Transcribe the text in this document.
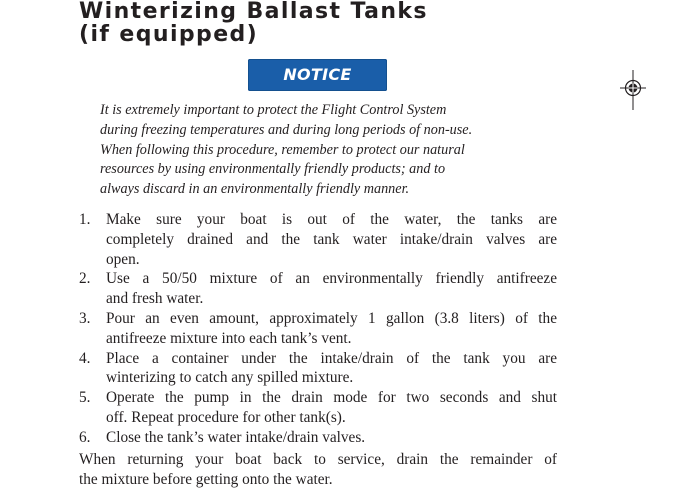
Winterizing Ballast Tanks
(if equipped)
NOTICE
It is extremely important to protect the Flight Control System
during freezing temperatures and during long periods of non-use.
When following this procedure, remember to protect our natural
resources by using environmentally friendly products; and to
always discard in an environmentally friendly manner.
1. Make sure your boat is out of the water, the tanks are
completely drained and the tank water intake/drain valves are
open.
2. Use a 50/50 mixture of an environmentally friendly antifreeze
and fresh water.
3. Pour an even amount, approximately 1 gallon (3.8 liters) of the
antifreeze mixture into each tank’s vent.
4. Place a container under the intake/drain of the tank you are
winterizing to catch any spilled mixture.
5. Operate the pump in the drain mode for two seconds and shut
off. Repeat procedure for other tank(s).
6. Close the tank’s water intake/drain valves.
When returning your boat back to service, drain the remainder of
the mixture before getting onto the water.
